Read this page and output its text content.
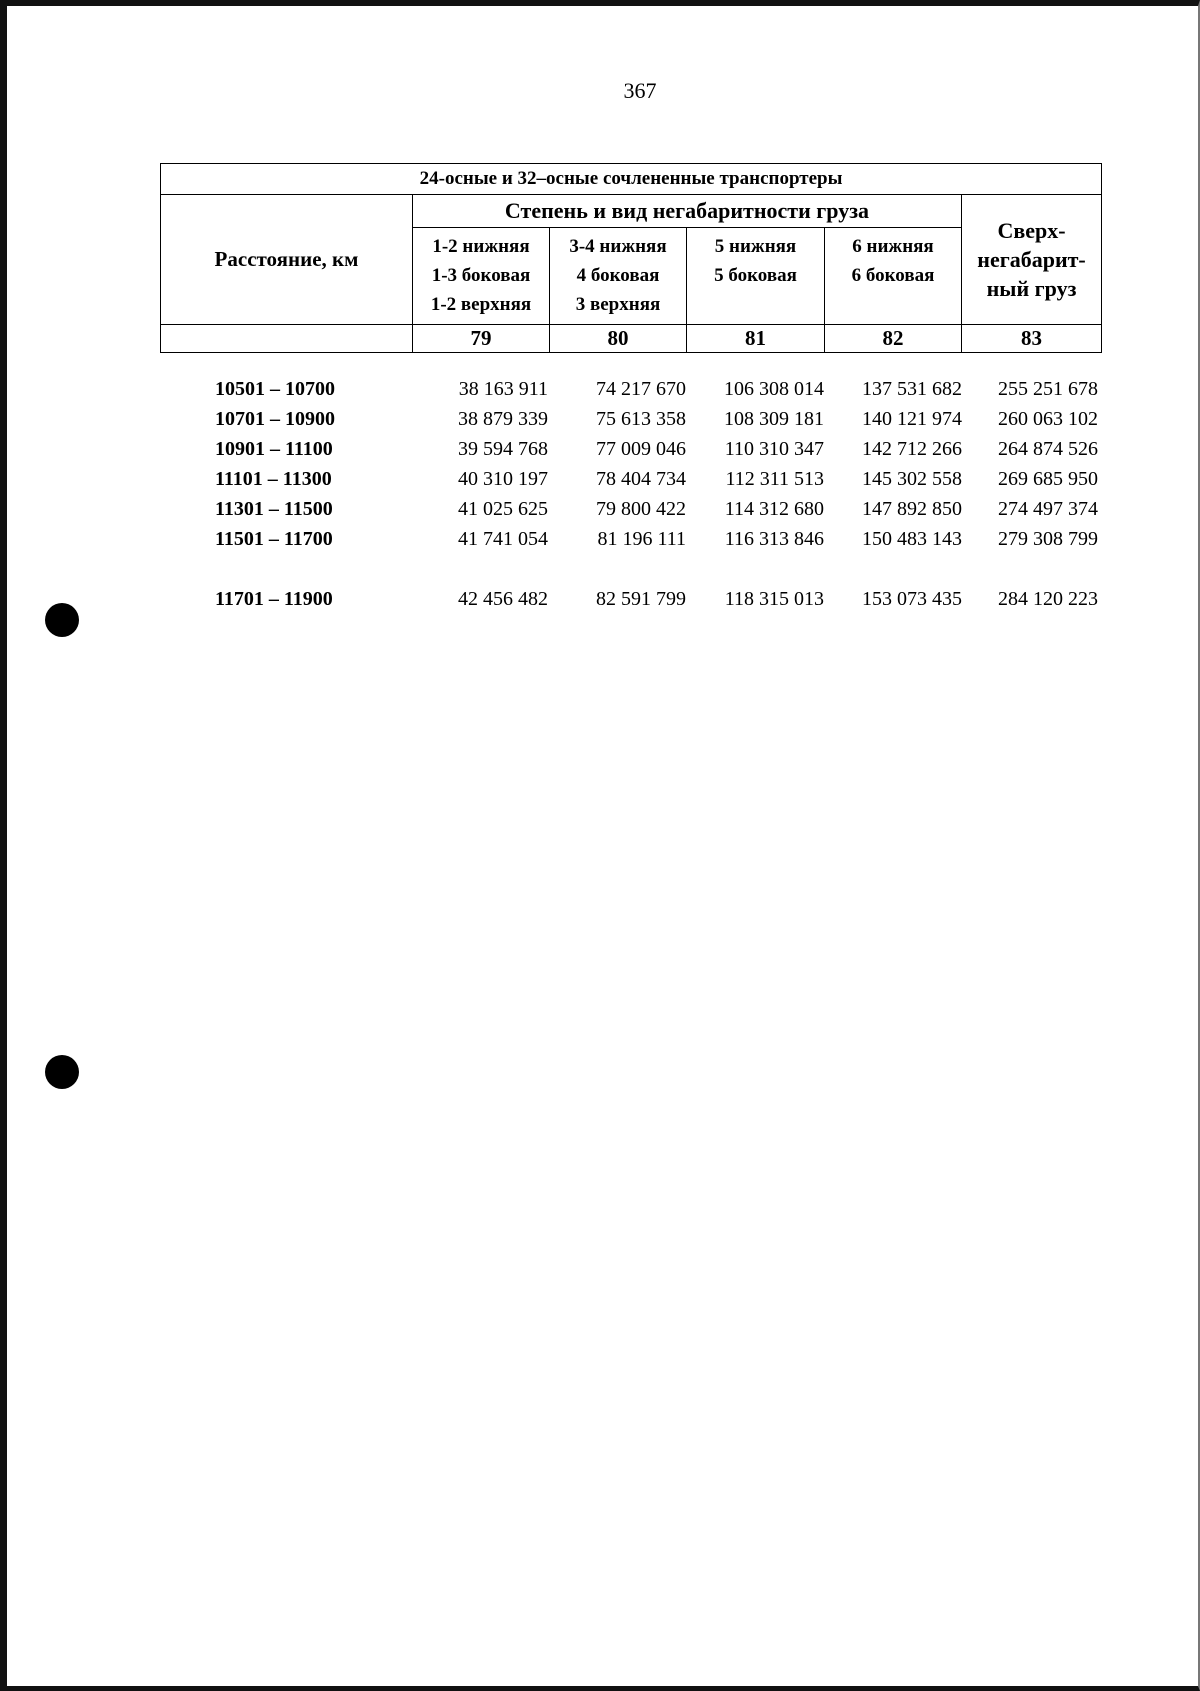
367
24-осные и 32–осные сочлененные транспортеры					
Расстояние, км	Степень и вид негабаритности груза				Сверх-
негабарит-
ный груз
	1-2 нижняя
1-3 боковая
1-2 верхняя	3-4 нижняя
4 боковая
3 верхняя	5 нижняя
5 боковая	6 нижняя
6 боковая	
	79	80	81	82	83
10501 – 10700	38 163 911	74 217 670	106 308 014	137 531 682	255 251 678
10701 – 10900	38 879 339	75 613 358	108 309 181	140 121 974	260 063 102
10901 – 11100	39 594 768	77 009 046	110 310 347	142 712 266	264 874 526
11101 – 11300	40 310 197	78 404 734	112 311 513	145 302 558	269 685 950
11301 – 11500	41 025 625	79 800 422	114 312 680	147 892 850	274 497 374
11501 – 11700	41 741 054	81 196 111	116 313 846	150 483 143	279 308 799
11701 – 11900	42 456 482	82 591 799	118 315 013	153 073 435	284 120 223
